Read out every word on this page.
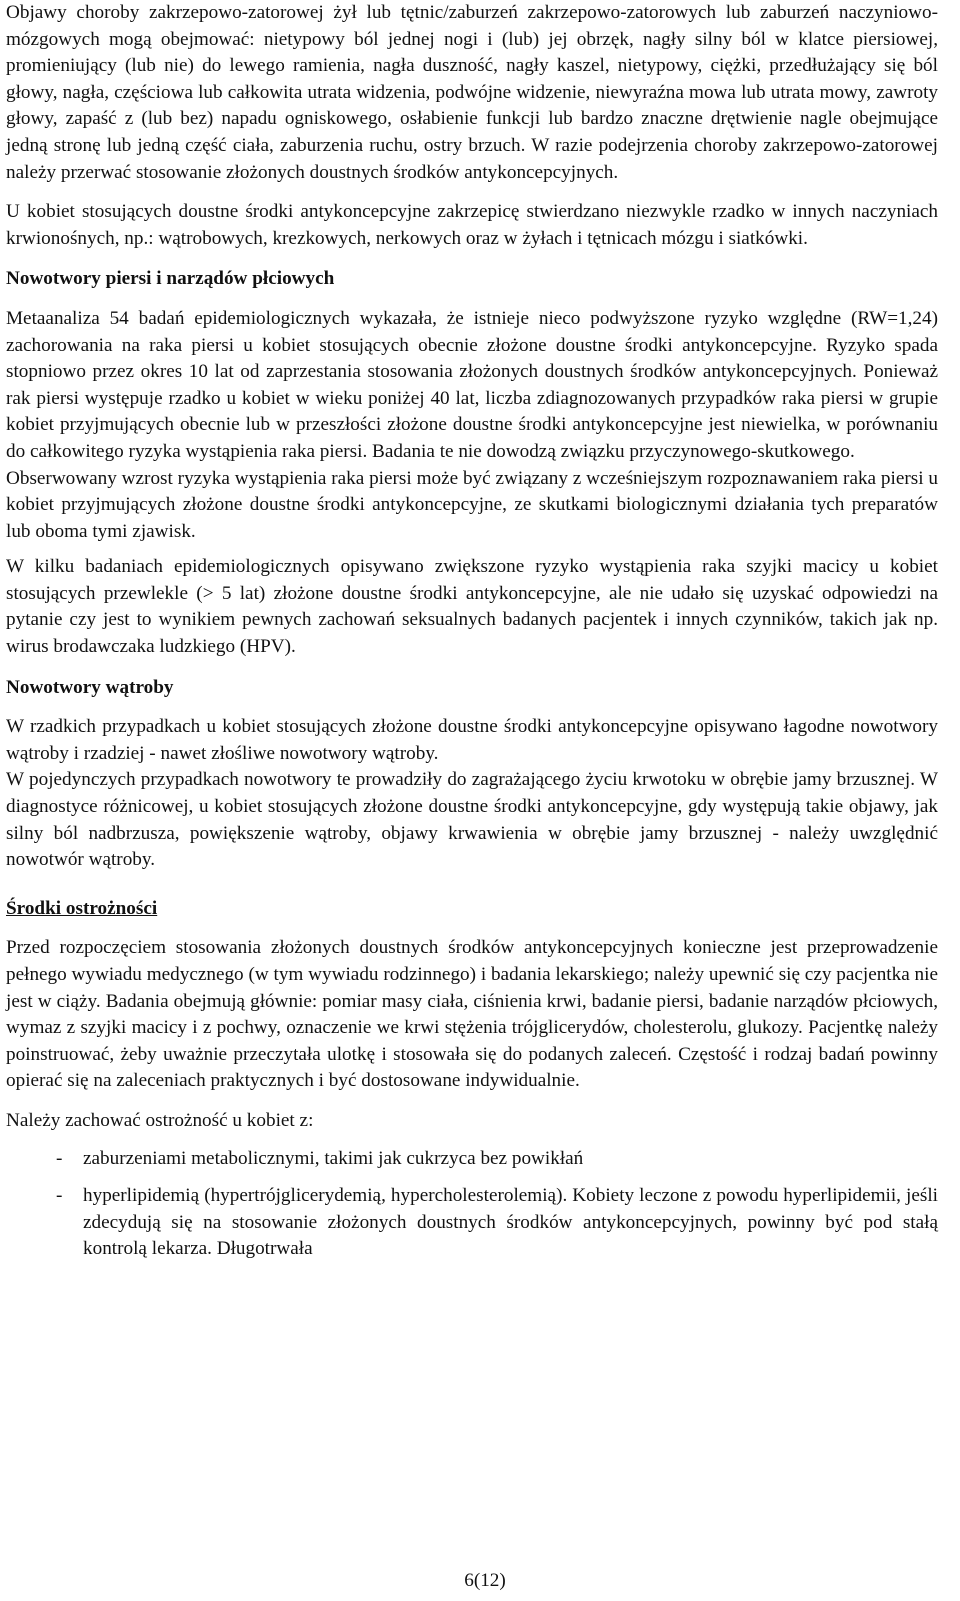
Objawy choroby zakrzepowo-zatorowej żył lub tętnic/zaburzeń zakrzepowo-zatorowych lub zaburzeń naczyniowo-mózgowych mogą obejmować: nietypowy ból jednej nogi i (lub) jej obrzęk, nagły silny ból w klatce piersiowej, promieniujący (lub nie) do lewego ramienia, nagła duszność, nagły kaszel, nietypowy, ciężki, przedłużający się ból głowy, nagła, częściowa lub całkowita utrata widzenia, podwójne widzenie, niewyraźna mowa lub utrata mowy, zawroty głowy, zapaść z (lub bez) napadu ogniskowego, osłabienie funkcji lub bardzo znaczne drętwienie nagle obejmujące jedną stronę lub jedną część ciała, zaburzenia ruchu, ostry brzuch. W razie podejrzenia choroby zakrzepowo-zatorowej należy przerwać stosowanie złożonych doustnych środków antykoncepcyjnych.

U kobiet stosujących doustne środki antykoncepcyjne zakrzepicę stwierdzano niezwykle rzadko w innych naczyniach krwionośnych, np.: wątrobowych, krezkowych, nerkowych oraz w żyłach i tętnicach mózgu i siatkówki.

Nowotwory piersi i narządów płciowych

Metaanaliza 54 badań epidemiologicznych wykazała, że istnieje nieco podwyższone ryzyko względne (RW=1,24) zachorowania na raka piersi u kobiet stosujących obecnie złożone doustne środki antykoncepcyjne. Ryzyko spada stopniowo przez okres 10 lat od zaprzestania stosowania złożonych doustnych środków antykoncepcyjnych. Ponieważ rak piersi występuje rzadko u kobiet w wieku poniżej 40 lat, liczba zdiagnozowanych przypadków raka piersi w grupie kobiet przyjmujących obecnie lub w przeszłości złożone doustne środki antykoncepcyjne jest niewielka, w porównaniu do całkowitego ryzyka wystąpienia raka piersi. Badania te nie dowodzą związku przyczynowego-skutkowego.

Obserwowany wzrost ryzyka wystąpienia raka piersi może być związany z wcześniejszym rozpoznawaniem raka piersi u kobiet przyjmujących złożone doustne środki antykoncepcyjne, ze skutkami biologicznymi działania tych preparatów lub oboma tymi zjawisk.

W kilku badaniach epidemiologicznych opisywano zwiększone ryzyko wystąpienia raka szyjki macicy u kobiet stosujących przewlekle (> 5 lat) złożone doustne środki antykoncepcyjne, ale nie udało się uzyskać odpowiedzi na pytanie czy jest to wynikiem pewnych zachowań seksualnych badanych pacjentek i innych czynników, takich jak np. wirus brodawczaka ludzkiego (HPV).

Nowotwory wątroby

W rzadkich przypadkach u kobiet stosujących złożone doustne środki antykoncepcyjne opisywano łagodne nowotwory wątroby i rzadziej - nawet złośliwe nowotwory wątroby.

W pojedynczych przypadkach nowotwory te prowadziły do zagrażającego życiu krwotoku w obrębie jamy brzusznej. W diagnostyce różnicowej, u kobiet stosujących złożone doustne środki antykoncepcyjne, gdy występują takie objawy, jak silny ból nadbrzusza, powiększenie wątroby, objawy krwawienia w obrębie jamy brzusznej - należy uwzględnić nowotwór wątroby.

Środki ostrożności

Przed rozpoczęciem stosowania złożonych doustnych środków antykoncepcyjnych konieczne jest przeprowadzenie pełnego wywiadu medycznego (w tym wywiadu rodzinnego) i badania lekarskiego; należy upewnić się czy pacjentka nie jest w ciąży. Badania obejmują głównie: pomiar masy ciała, ciśnienia krwi, badanie piersi, badanie narządów płciowych, wymaz z szyjki macicy i z pochwy, oznaczenie we krwi stężenia trójglicerydów, cholesterolu, glukozy. Pacjentkę należy poinstruować, żeby uważnie przeczytała ulotkę i stosowała się do podanych zaleceń. Częstość i rodzaj badań powinny opierać się na zaleceniach praktycznych i być dostosowane indywidualnie.

Należy zachować ostrożność u kobiet z:

-	zaburzeniami metabolicznymi, takimi jak cukrzyca bez powikłań
-	hyperlipidemią (hypertrójglicerydemią, hypercholesterolemią). Kobiety leczone z powodu hyperlipidemii, jeśli zdecydują się na stosowanie złożonych doustnych środków antykoncepcyjnych, powinny być pod stałą kontrolą lekarza. Długotrwała
6(12)
